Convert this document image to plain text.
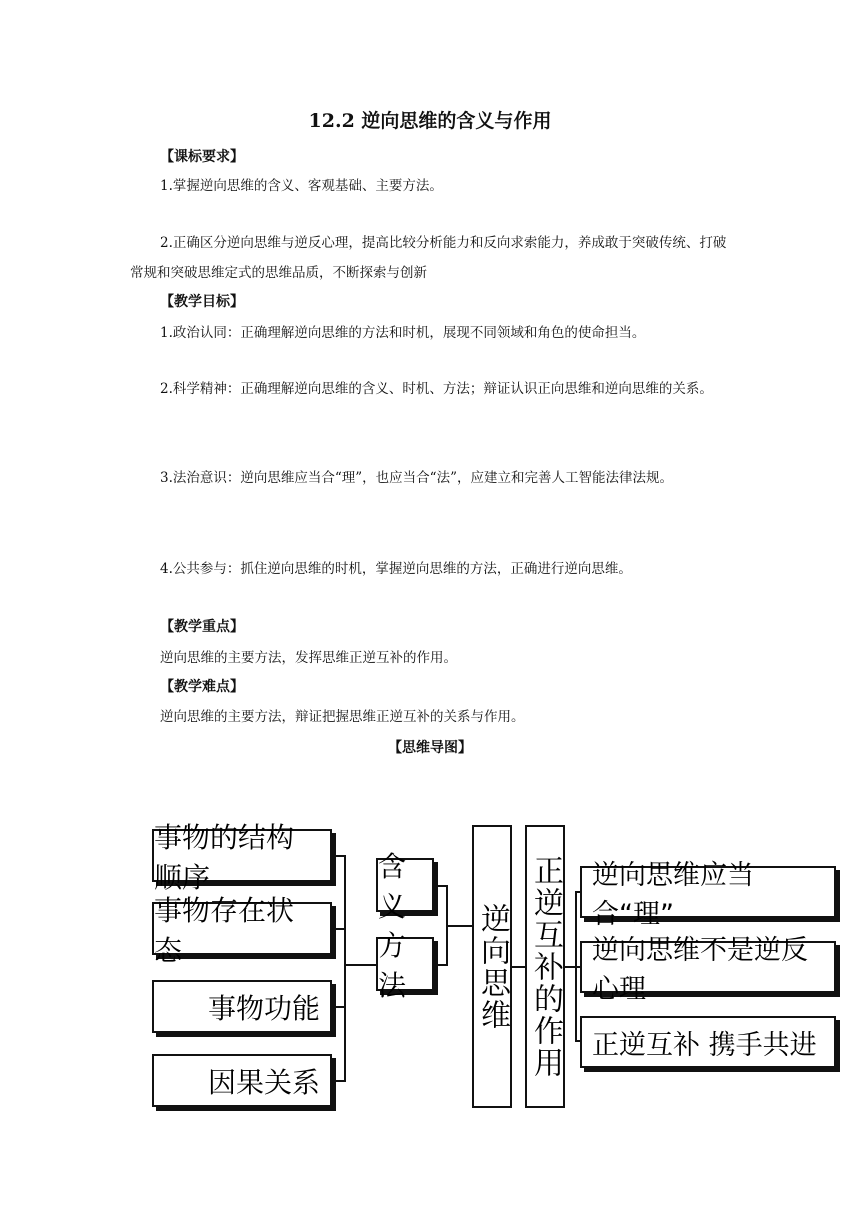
12.2 逆向思维的含义与作用
【课标要求】
1.掌握逆向思维的含义、客观基础、主要方法。
2.正确区分逆向思维与逆反心理，提高比较分析能力和反向求索能力，养成敢于突破传统、打破常规和突破思维定式的思维品质，不断探索与创新
【教学目标】
1.政治认同：正确理解逆向思维的方法和时机，展现不同领域和角色的使命担当。
2.科学精神：正确理解逆向思维的含义、时机、方法；辩证认识正向思维和逆向思维的关系。
3.法治意识：逆向思维应当合“理”，也应当合“法”，应建立和完善人工智能法律法规。
4.公共参与：抓住逆向思维的时机，掌握逆向思维的方法，正确进行逆向思维。
【教学重点】
逆向思维的主要方法，发挥思维正逆互补的作用。
【教学难点】
逆向思维的主要方法，辩证把握思维正逆互补的关系与作用。
【思维导图】
事物的结构顺序
事物存在状态
事物功能
因果关系
含义
方法	逆向思维 正逆互补的作用	逆向思维应当合“理”
逆向思维不是逆反心理
正逆互补 携手共进
